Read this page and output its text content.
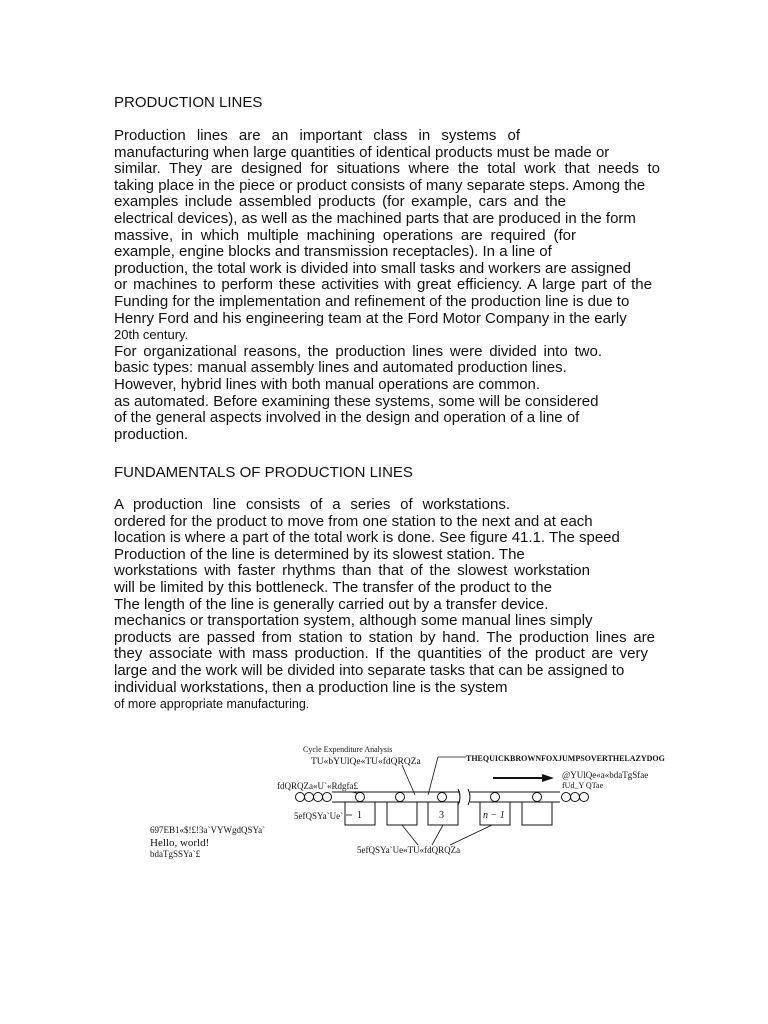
PRODUCTION LINES
Production lines are an important class in systems of
manufacturing when large quantities of identical products must be made or
similar. They are designed for situations where the total work that needs to
taking place in the piece or product consists of many separate steps. Among the
examples include assembled products (for example, cars and the
electrical devices), as well as the machined parts that are produced in the form
massive, in which multiple machining operations are required (for
example, engine blocks and transmission receptacles). In a line of
production, the total work is divided into small tasks and workers are assigned
or machines to perform these activities with great efficiency. A large part of the
Funding for the implementation and refinement of the production line is due to
Henry Ford and his engineering team at the Ford Motor Company in the early
20th century.
For organizational reasons, the production lines were divided into two.
basic types: manual assembly lines and automated production lines.
However, hybrid lines with both manual operations are common.
as automated. Before examining these systems, some will be considered
of the general aspects involved in the design and operation of a line of
production.
FUNDAMENTALS OF PRODUCTION LINES
A production line consists of a series of workstations.
ordered for the product to move from one station to the next and at each
location is where a part of the total work is done. See figure 41.1. The speed
Production of the line is determined by its slowest station. The
workstations with faster rhythms than that of the slowest workstation
will be limited by this bottleneck. The transfer of the product to the
The length of the line is generally carried out by a transfer device.
mechanics or transportation system, although some manual lines simply
products are passed from station to station by hand. The production lines are
they associate with mass production. If the quantities of the product are very
large and the work will be divided into separate tasks that can be assigned to
individual workstations, then a production line is the system
of more appropriate manufacturing.
Cycle Expenditure Analysis
TU«bYUlQe«TU«fdQRQZa	THEQUICKBROWNFOXJUMPSOVERTHELAZYDOG
@YUlQe«a«bdaTgSfae
fUd_Y QTae
fdQRQZa«U`«Rdgfa£
5efQSYa`Ue`
697EB1«$!£!3a`VYWgdQSYa`
Hello, world!
bdaTgSSYa`£	5efQSYa`Ue«TU«fdQRQZa
1	3	n − 1
